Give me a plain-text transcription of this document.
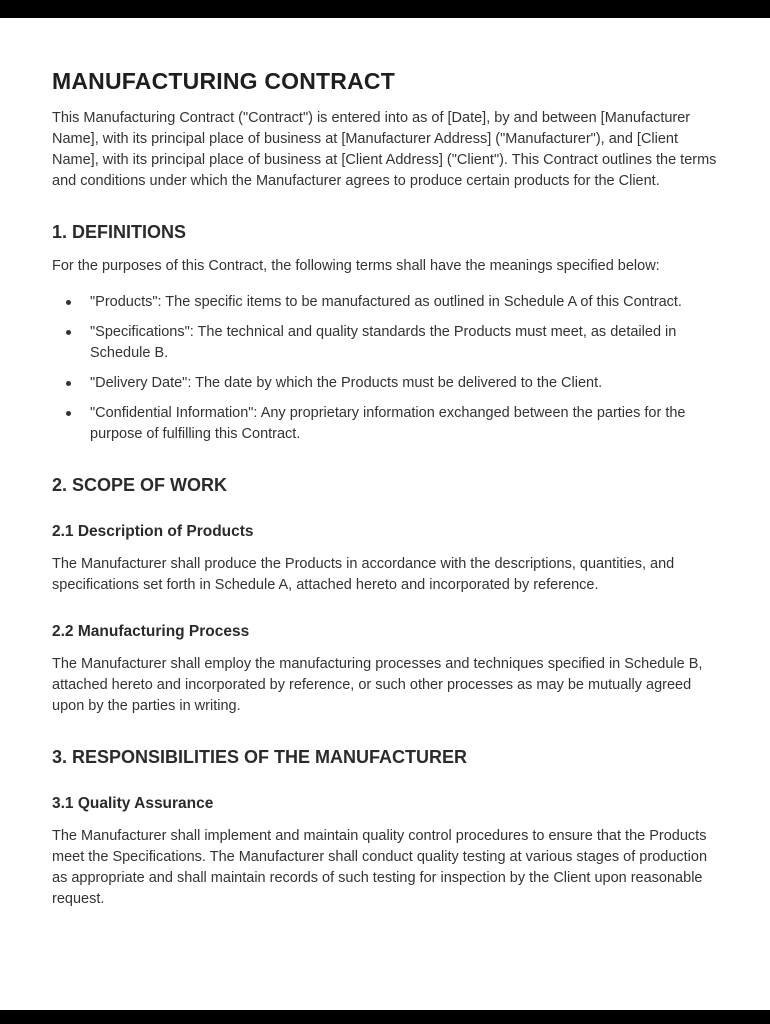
MANUFACTURING CONTRACT

This Manufacturing Contract ("Contract") is entered into as of [Date], by and between [Manufacturer Name], with its principal place of business at [Manufacturer Address] ("Manufacturer"), and [Client Name], with its principal place of business at [Client Address] ("Client"). This Contract outlines the terms and conditions under which the Manufacturer agrees to produce certain products for the Client.

1. DEFINITIONS

For the purposes of this Contract, the following terms shall have the meanings specified below:

"Products": The specific items to be manufactured as outlined in Schedule A of this Contract.
"Specifications": The technical and quality standards the Products must meet, as detailed in Schedule B.
"Delivery Date": The date by which the Products must be delivered to the Client.
"Confidential Information": Any proprietary information exchanged between the parties for the purpose of fulfilling this Contract.
2. SCOPE OF WORK
2.1 Description of Products

The Manufacturer shall produce the Products in accordance with the descriptions, quantities, and specifications set forth in Schedule A, attached hereto and incorporated by reference.

2.2 Manufacturing Process

The Manufacturer shall employ the manufacturing processes and techniques specified in Schedule B, attached hereto and incorporated by reference, or such other processes as may be mutually agreed upon by the parties in writing.

3. RESPONSIBILITIES OF THE MANUFACTURER
3.1 Quality Assurance

The Manufacturer shall implement and maintain quality control procedures to ensure that the Products meet the Specifications. The Manufacturer shall conduct quality testing at various stages of production as appropriate and shall maintain records of such testing for inspection by the Client upon reasonable request.
